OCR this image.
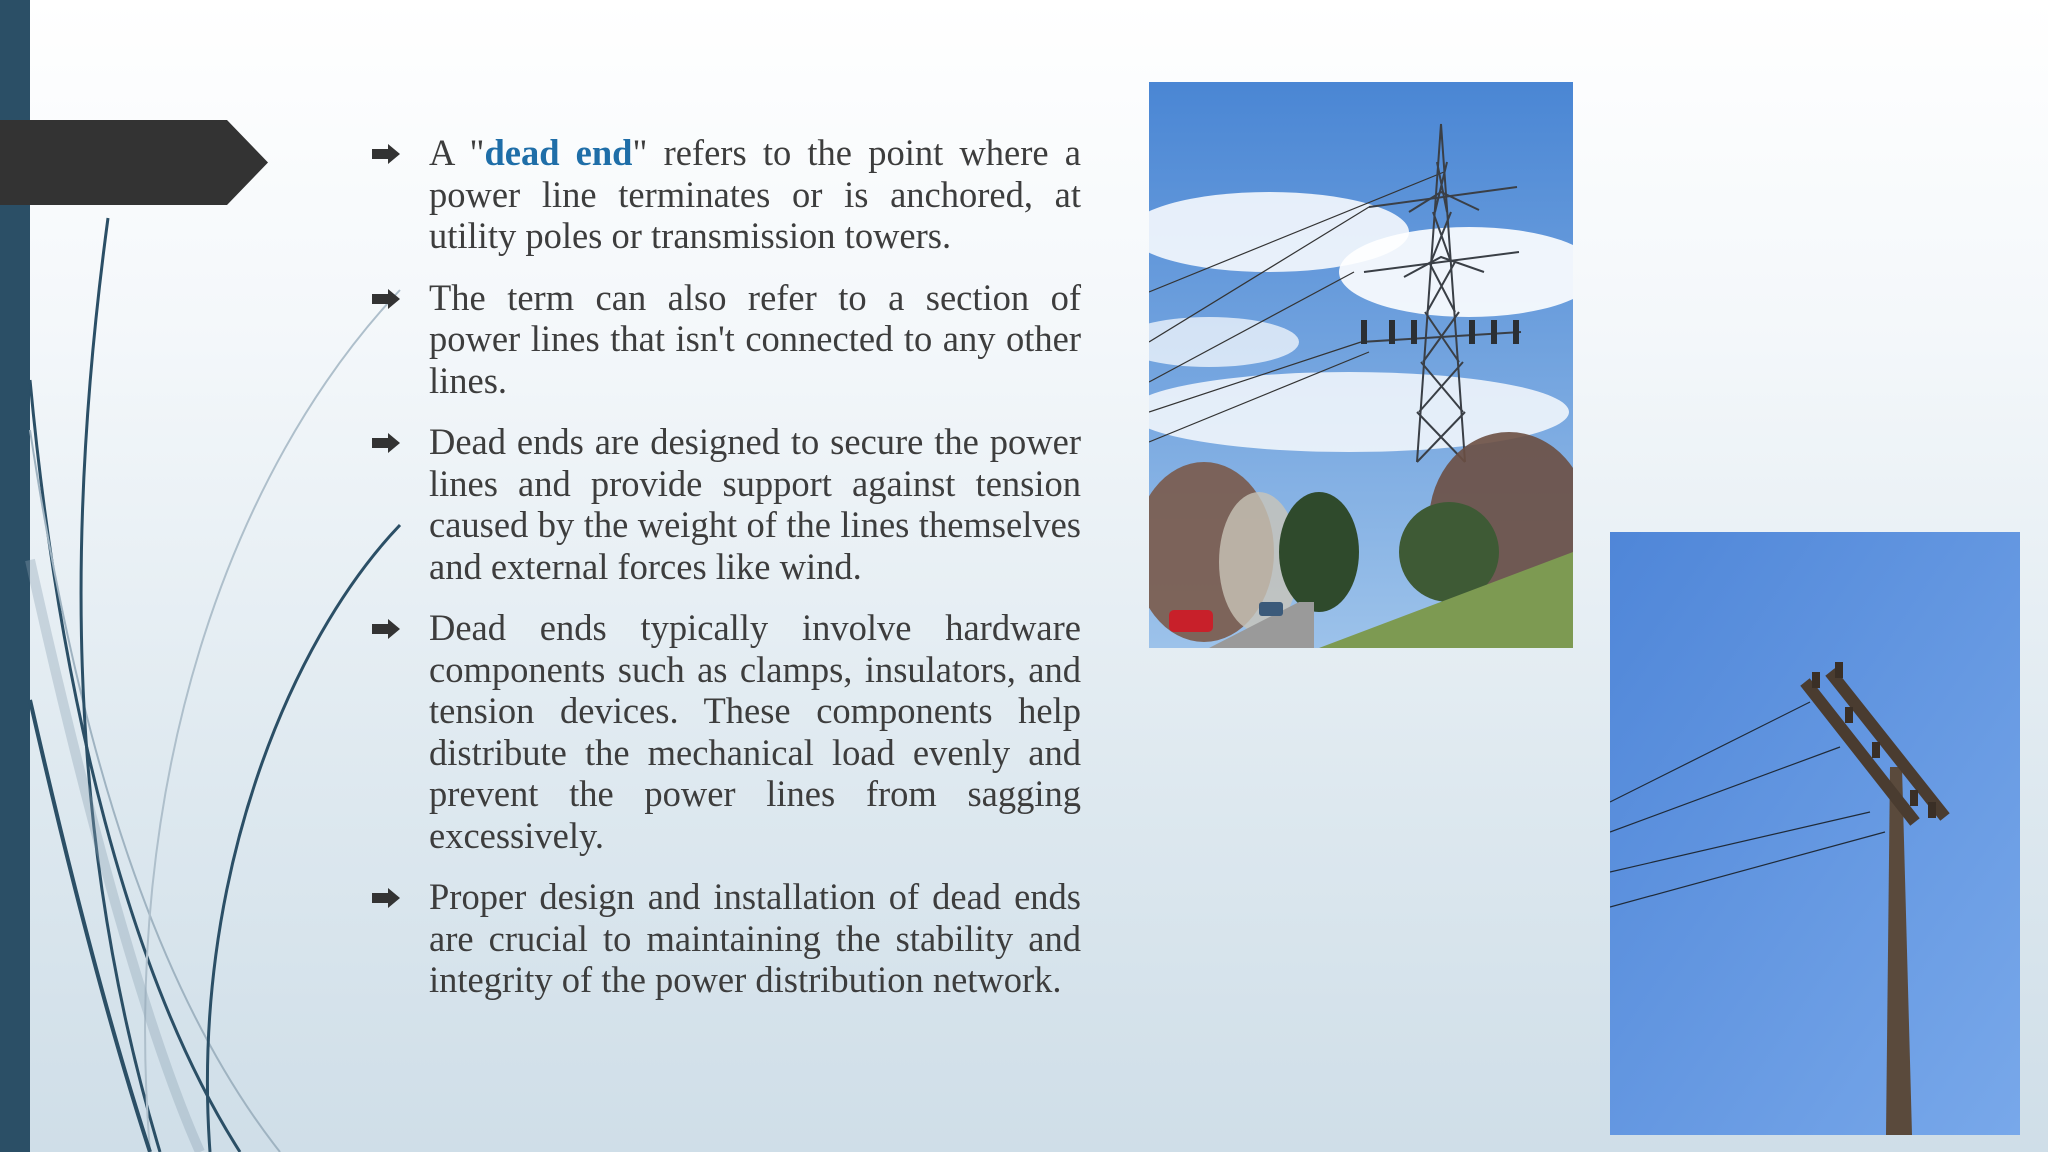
A "dead end" refers to the point where a power line terminates or is anchored, at utility poles or transmission towers.
The term can also refer to a section of power lines that isn't connected to any other lines.
Dead ends are designed to secure the power lines and provide support against tension caused by the weight of the lines themselves and external forces like wind.
Dead ends typically involve hardware components such as clamps, insulators, and tension devices. These components help distribute the mechanical load evenly and prevent the power lines from sagging excessively.
Proper design and installation of dead ends are crucial to maintaining the stability and integrity of the power distribution network.
